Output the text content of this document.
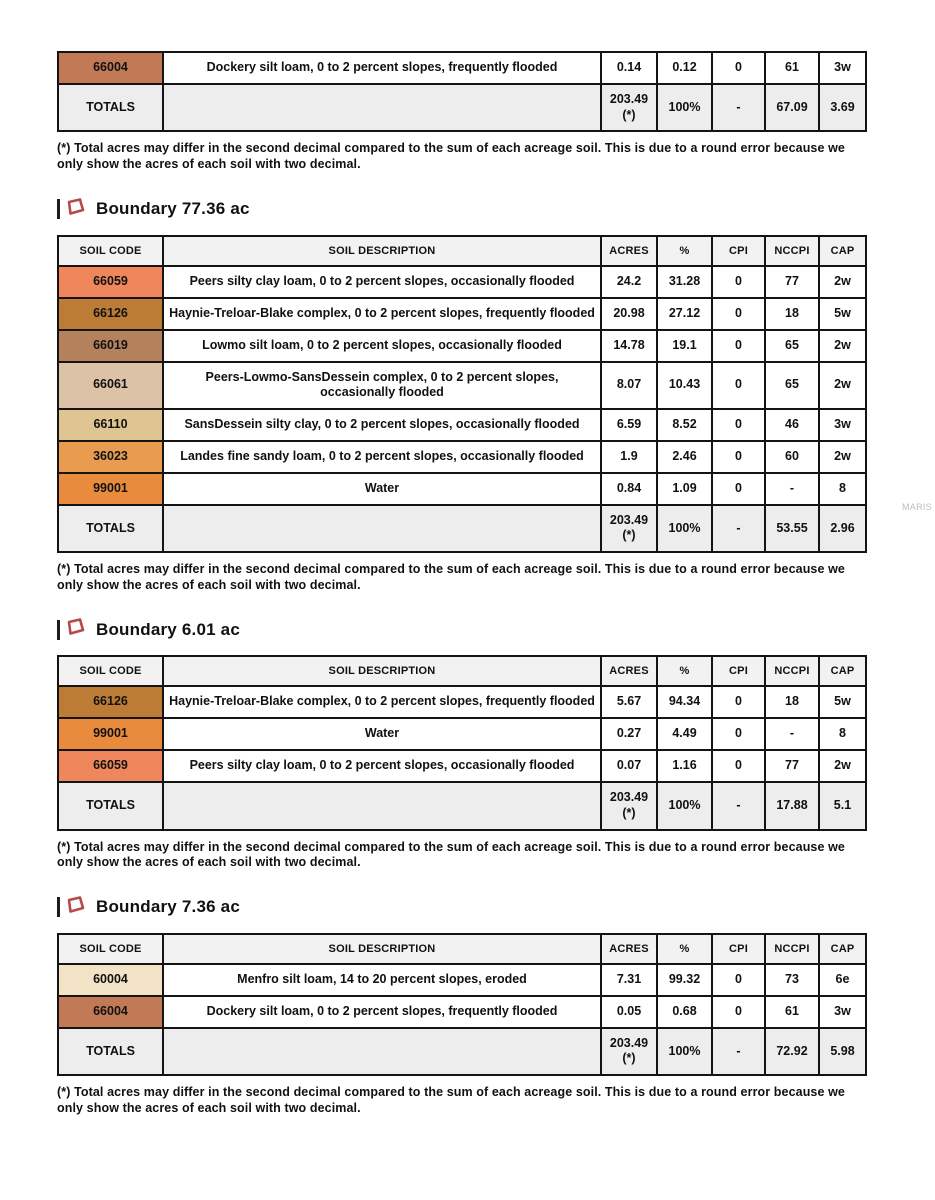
66004	Dockery silt loam, 0 to 2 percent slopes, frequently flooded	0.14	0.12	0	61	3w
TOTALS		203.49(*)	100%	-	67.09	3.69
(*) Total acres may differ in the second decimal compared to the sum of each acreage soil. This is due to a round error because we only show the acres of each soil with two decimal.
Boundary 77.36 ac
SOIL CODE	SOIL DESCRIPTION	ACRES	%	CPI	NCCPI	CAP
66059	Peers silty clay loam, 0 to 2 percent slopes, occasionally flooded	24.2	31.28	0	77	2w
66126	Haynie-Treloar-Blake complex, 0 to 2 percent slopes, frequently flooded	20.98	27.12	0	18	5w
66019	Lowmo silt loam, 0 to 2 percent slopes, occasionally flooded	14.78	19.1	0	65	2w
66061	Peers-Lowmo-SansDessein complex, 0 to 2 percent slopes, occasionally flooded	8.07	10.43	0	65	2w
66110	SansDessein silty clay, 0 to 2 percent slopes, occasionally flooded	6.59	8.52	0	46	3w
36023	Landes fine sandy loam, 0 to 2 percent slopes, occasionally flooded	1.9	2.46	0	60	2w
99001	Water	0.84	1.09	0	-	8
TOTALS		203.49(*)	100%	-	53.55	2.96
(*) Total acres may differ in the second decimal compared to the sum of each acreage soil. This is due to a round error because we only show the acres of each soil with two decimal.
Boundary 6.01 ac
SOIL CODE	SOIL DESCRIPTION	ACRES	%	CPI	NCCPI	CAP
66126	Haynie-Treloar-Blake complex, 0 to 2 percent slopes, frequently flooded	5.67	94.34	0	18	5w
99001	Water	0.27	4.49	0	-	8
66059	Peers silty clay loam, 0 to 2 percent slopes, occasionally flooded	0.07	1.16	0	77	2w
TOTALS		203.49(*)	100%	-	17.88	5.1
(*) Total acres may differ in the second decimal compared to the sum of each acreage soil. This is due to a round error because we only show the acres of each soil with two decimal.
Boundary 7.36 ac
SOIL CODE	SOIL DESCRIPTION	ACRES	%	CPI	NCCPI	CAP
60004	Menfro silt loam, 14 to 20 percent slopes, eroded	7.31	99.32	0	73	6e
66004	Dockery silt loam, 0 to 2 percent slopes, frequently flooded	0.05	0.68	0	61	3w
TOTALS		203.49(*)	100%	-	72.92	5.98
(*) Total acres may differ in the second decimal compared to the sum of each acreage soil. This is due to a round error because we only show the acres of each soil with two decimal.
MARIS
